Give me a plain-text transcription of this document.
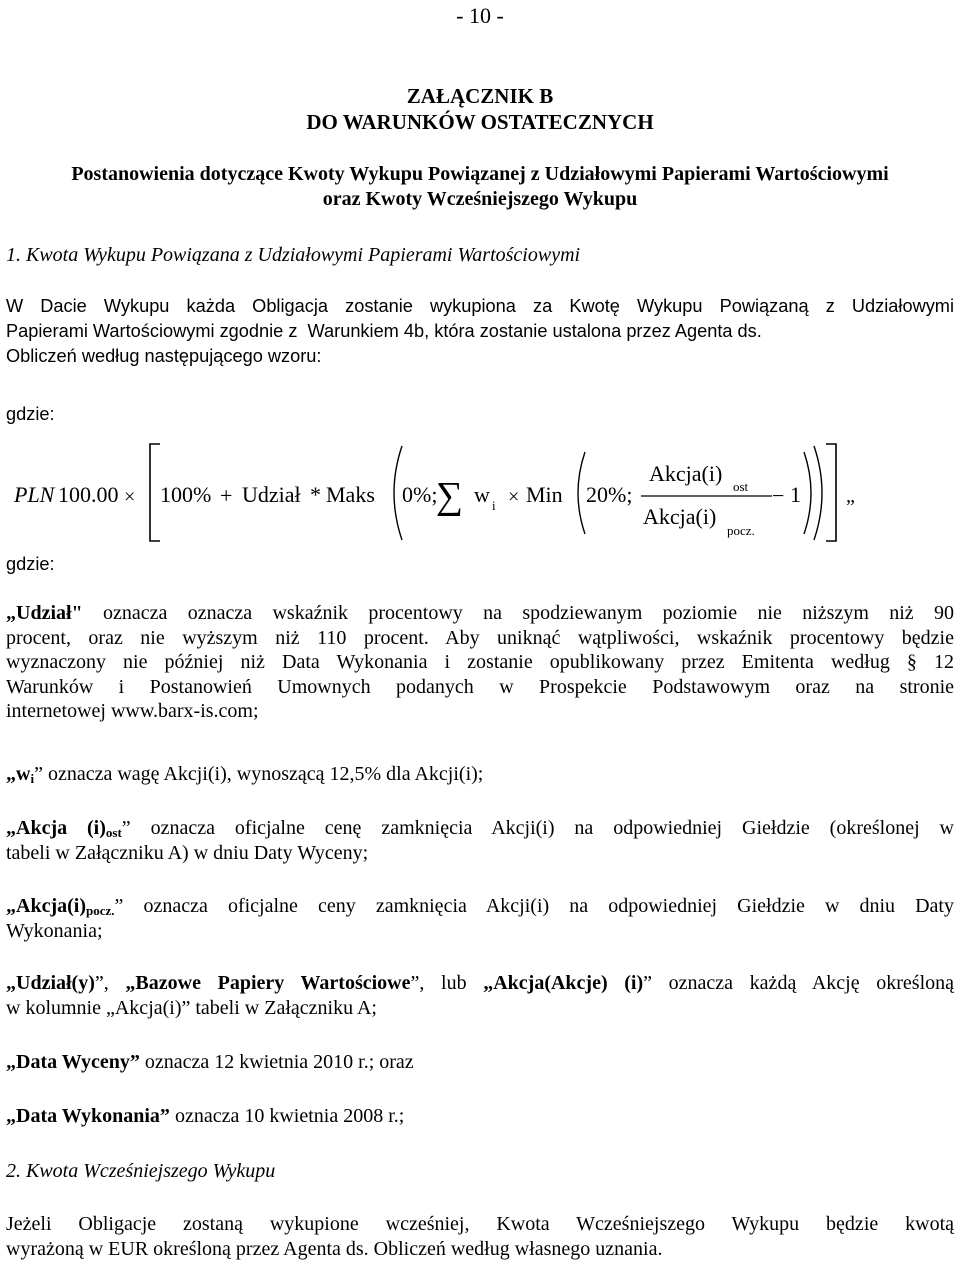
- 10 -
ZAŁĄCZNIK B
DO WARUNKÓW OSTATECZNYCH
Postanowienia dotyczące Kwoty Wykupu Powiązanej z Udziałowymi Papierami Wartościowymi
oraz Kwoty Wcześniejszego Wykupu
1. Kwota Wykupu Powiązana z Udziałowymi Papierami Wartościowymi
W Dacie Wykupu każda Obligacja zostanie wykupiona za Kwotę Wykupu Powiązaną z Udziałowymi
Papierami Wartościowymi zgodnie z  Warunkiem 4b, która zostanie ustalona przez Agenta ds.
Obliczeń według następującego wzoru:
gdzie:
PLN 100.00 × 100% + Udział * Maks 0%;
∑ w i × Min 20%;
Akcja(i)
ost
Akcja(i)
pocz.
− 1 „
gdzie:
„Udział" oznacza oznacza wskaźnik procentowy na spodziewanym poziomie nie niższym niż 90
procent, oraz nie wyższym niż 110 procent. Aby uniknąć wątpliwości, wskaźnik procentowy będzie
wyznaczony nie później niż Data Wykonania i zostanie opublikowany przez Emitenta według § 12
Warunków i Postanowień Umownych podanych w Prospekcie Podstawowym oraz na stronie
internetowej www.barx-is.com;
$„w_i$” oznacza wagę Akcji(i), wynoszącą 12,5% dla Akcji(i);
„Akcja $(i)_{ost}$” oznacza oficjalne cenę zamknięcia Akcji(i) na odpowiedniej Giełdzie (określonej w
tabeli w Załączniku A) w dniu Daty Wyceny;
$„Akcja(i)_{pocz.}$” oznacza oficjalne ceny zamknięcia Akcji(i) na odpowiedniej Giełdzie w dniu Daty
Wykonania;
„Udział(y)”, „Bazowe Papiery Wartościowe”, lub „Akcja(Akcje) (i)” oznacza każdą Akcję określoną
w kolumnie „Akcja(i)” tabeli w Załączniku A;
„Data Wyceny” oznacza 12 kwietnia 2010 r.; oraz
„Data Wykonania” oznacza 10 kwietnia 2008 r.;
2. Kwota Wcześniejszego Wykupu
Jeżeli Obligacje zostaną wykupione wcześniej, Kwota Wcześniejszego Wykupu będzie kwotą
wyrażoną w EUR określoną przez Agenta ds. Obliczeń według własnego uznania.
